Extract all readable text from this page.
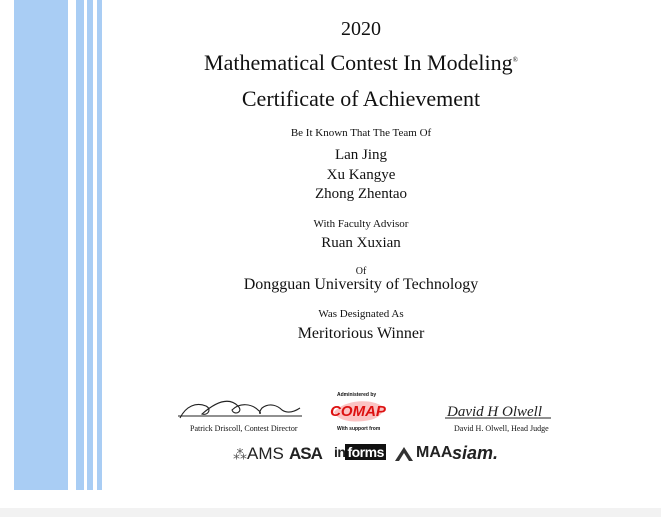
2020
Mathematical Contest In Modeling®
Certificate of Achievement
Be It Known That The Team Of
Lan Jing
Xu Kangye
Zhong Zhentao
With Faculty Advisor
Ruan Xuxian
Of
Dongguan University of Technology
Was Designated As
Meritorious Winner
Patrick Driscoll, Contest Director
Administered by
COMAP
With support from
David H Olwell
David H. Olwell, Head Judge
⁂AMS ASA in forms MAA siam.
